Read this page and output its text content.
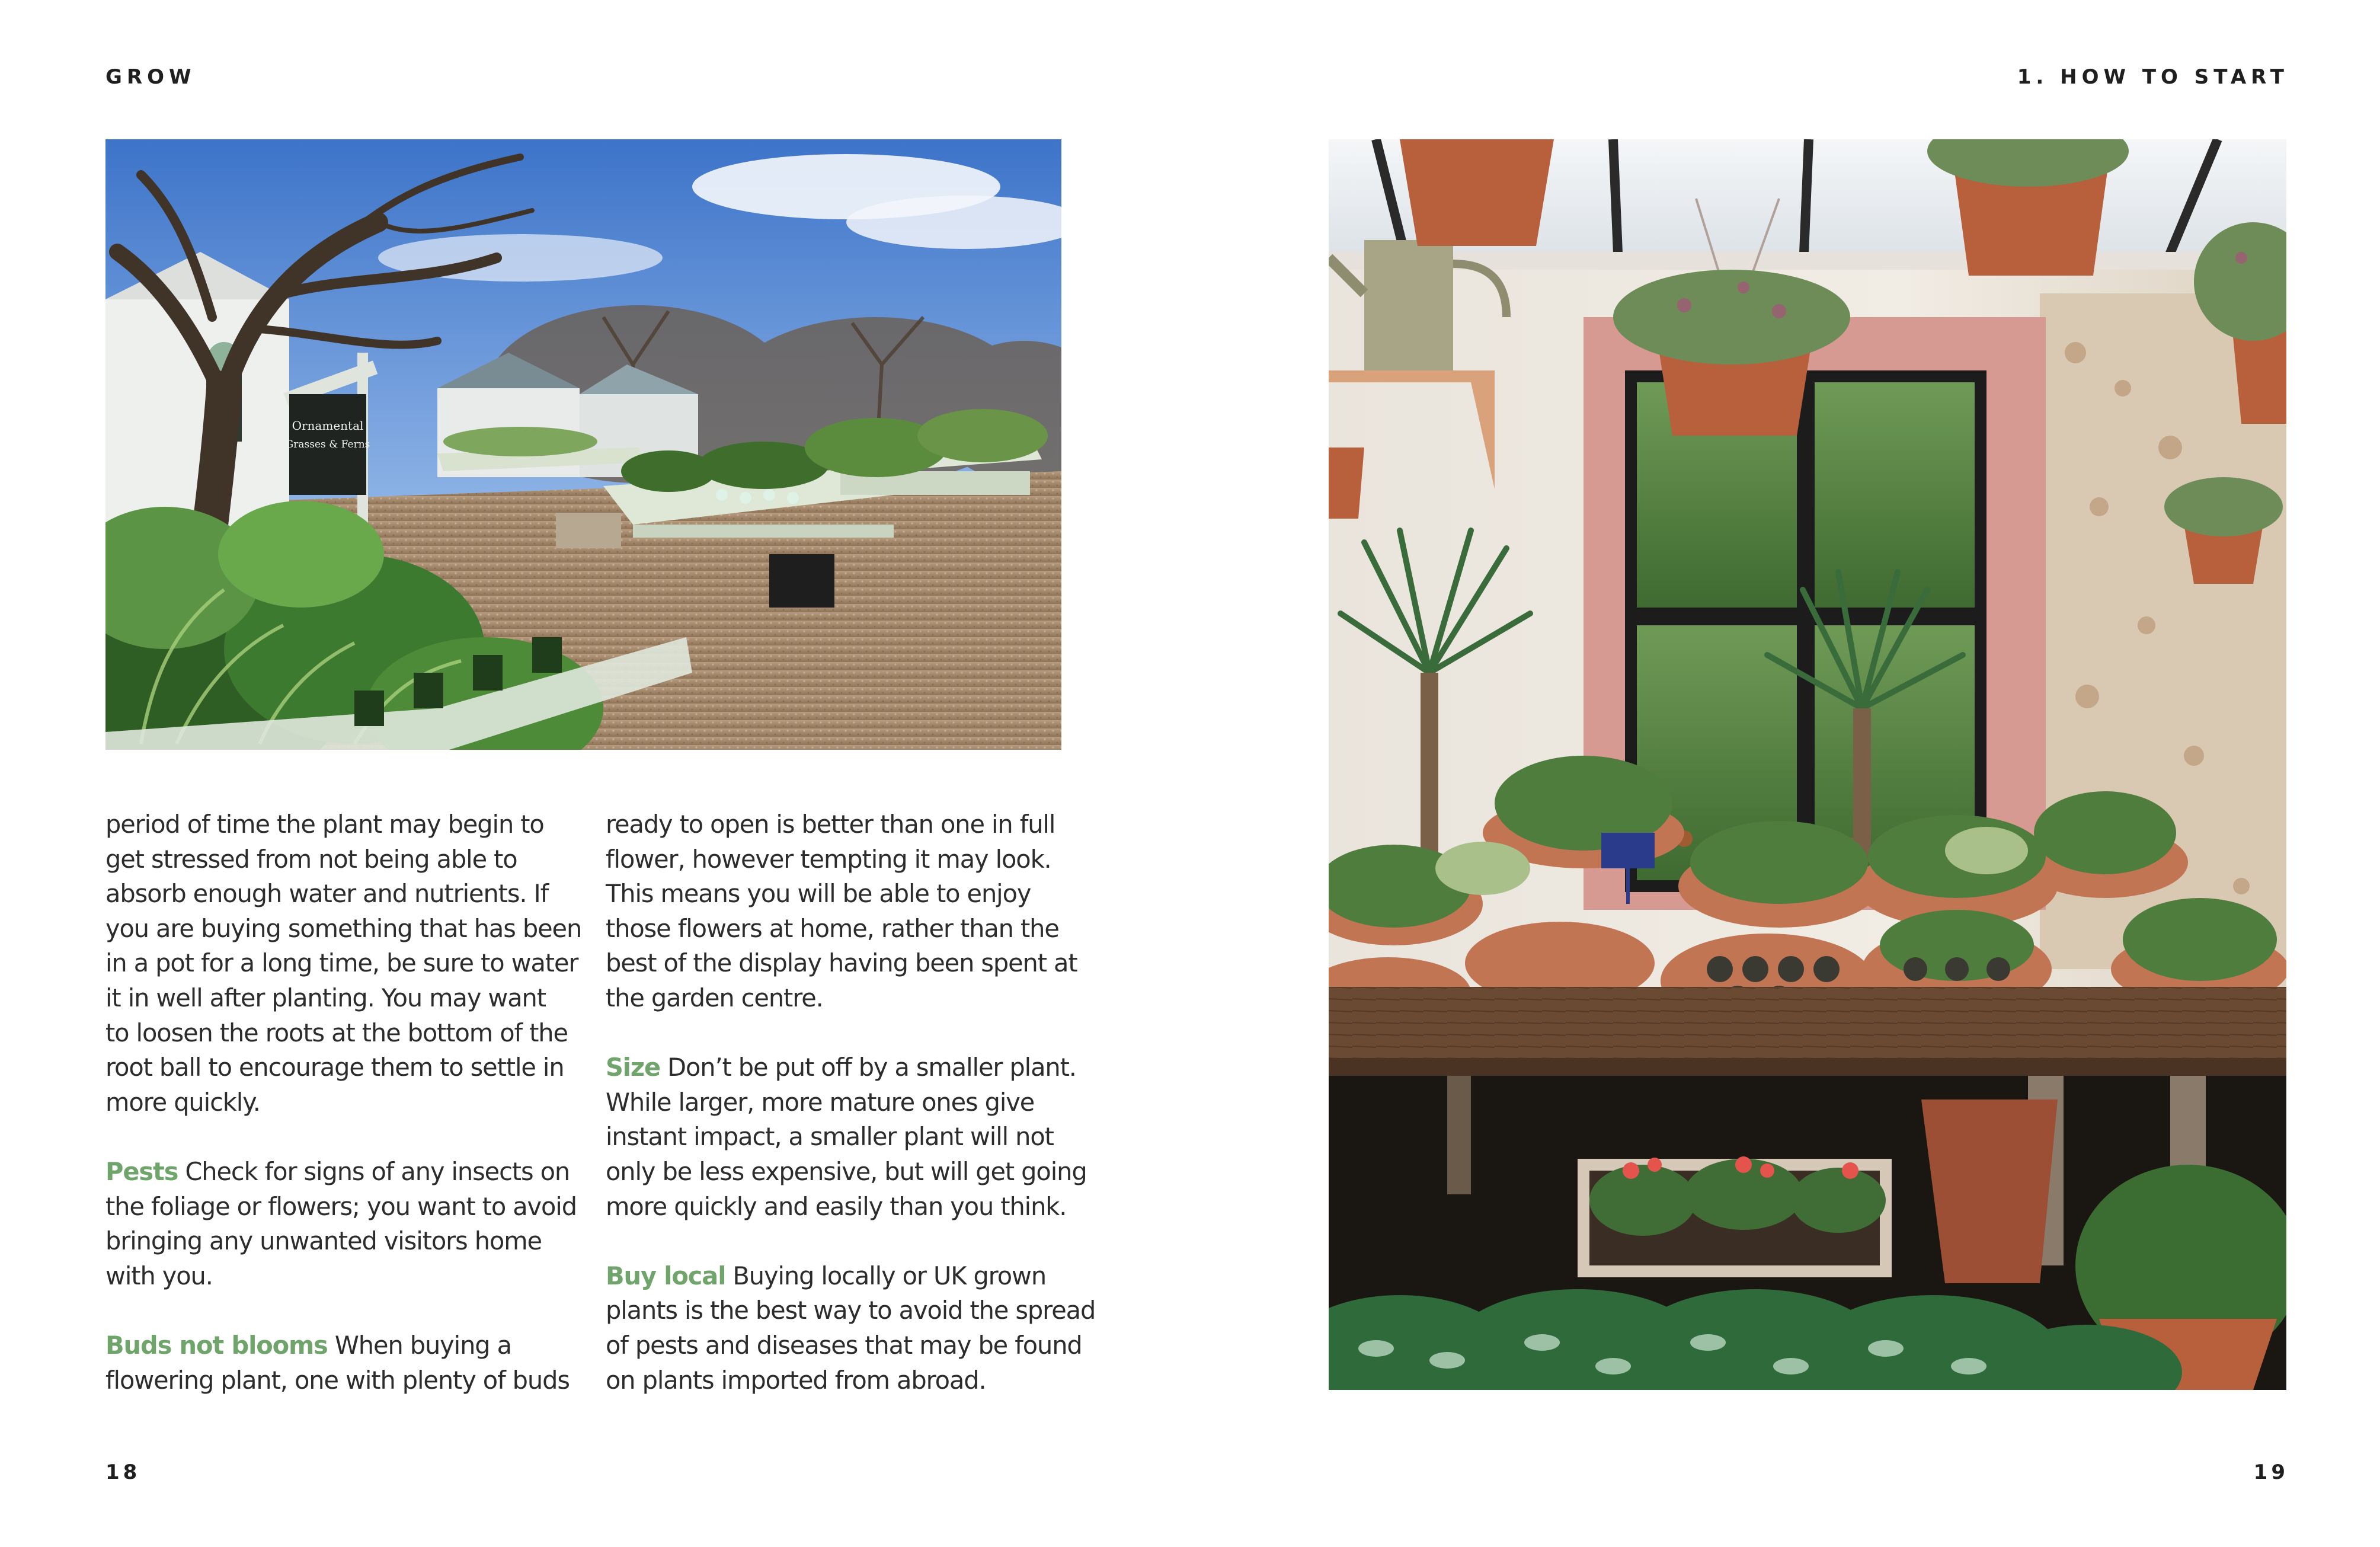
GROW	1. HOW TO START
Ornamental
Grasses & Ferns

period of time the plant may begin to

get stressed from not being able to

absorb enough water and nutrients. If

you are buying something that has been

in a pot for a long time, be sure to water

it in well after planting. You may want

to loosen the roots at the bottom of the

root ball to encourage them to settle in

more quickly.

Pests Check for signs of any insects on

the foliage or flowers; you want to avoid

bringing any unwanted visitors home

with you.

Buds not blooms When buying a

flowering plant, one with plenty of buds

ready to open is better than one in full

flower, however tempting it may look.

This means you will be able to enjoy

those flowers at home, rather than the

best of the display having been spent at

the garden centre.

Size Don’t be put off by a smaller plant.

While larger, more mature ones give

instant impact, a smaller plant will not

only be less expensive, but will get going

more quickly and easily than you think.

Buy local Buying locally or UK grown

plants is the best way to avoid the spread

of pests and diseases that may be found

on plants imported from abroad.

18	19
